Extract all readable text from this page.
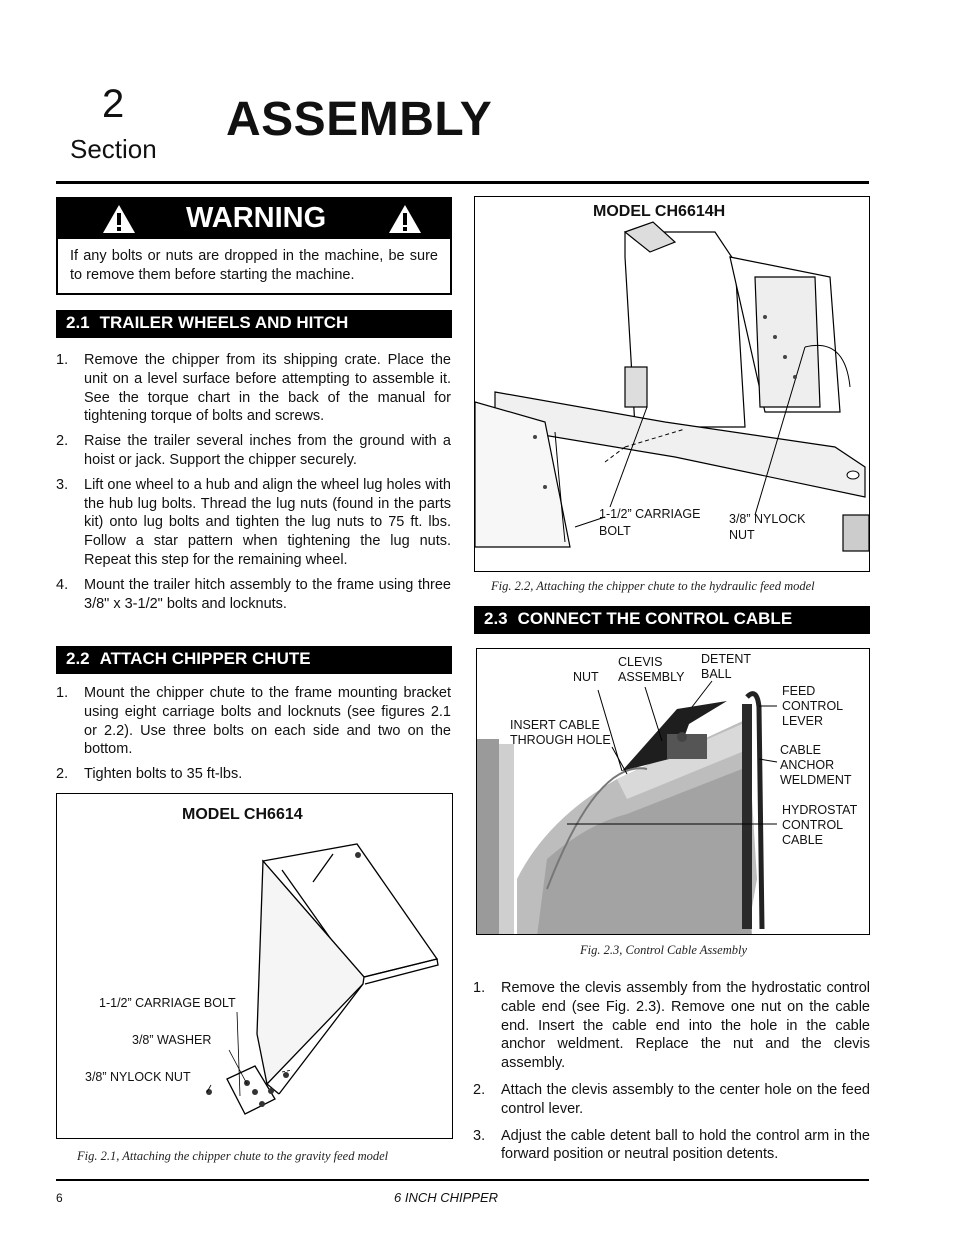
2
Section
ASSEMBLY
WARNING
If any bolts or nuts are dropped in the machine, be sure to remove them before starting the machine.
2.1 TRAILER WHEELS AND HITCH
1. Remove the chipper from its shipping crate. Place the unit on a level surface before attempting to assemble it. See the torque chart in the back of the manual for tightening torque of bolts and screws.
2. Raise the trailer several inches from the ground with a hoist or jack. Support the chipper securely.
3. Lift one wheel to a hub and align the wheel lug holes with the hub lug bolts. Thread the lug nuts (found in the parts kit) onto lug bolts and tighten the lug nuts to 75 ft. lbs. Follow a star pattern when tightening the lug nuts. Repeat this step for the remaining wheel.
4. Mount the trailer hitch assembly to the frame using three 3/8" x 3-1/2" bolts and locknuts.
2.2 ATTACH CHIPPER CHUTE
1. Mount the chipper chute to the frame mounting bracket using eight carriage bolts and locknuts (see figures 2.1 or 2.2). Use three bolts on each side and two on the bottom.
2. Tighten bolts to 35 ft-lbs.
MODEL CH6614
1-1/2” CARRIAGE BOLT
3/8” WASHER
3/8” NYLOCK NUT
Fig. 2.1, Attaching the chipper chute to the gravity feed model
MODEL CH6614H
1-1/2” CARRIAGE
BOLT
3/8” NYLOCK
NUT
Fig. 2.2, Attaching the chipper chute to the hydraulic feed model
2.3 CONNECT THE CONTROL CABLE
NUT
CLEVIS
ASSEMBLY
DETENT
BALL
FEED
CONTROL
LEVER
INSERT CABLE
THROUGH HOLE
CABLE
ANCHOR
WELDMENT
HYDROSTAT
CONTROL
CABLE
Fig. 2.3, Control Cable Assembly
1. Remove the clevis assembly from the hydrostatic control cable end (see Fig. 2.3). Remove one nut on the cable end. Insert the cable end into the hole in the cable anchor weldment. Replace the nut and the clevis assembly.
2. Attach the clevis assembly to the center hole on the feed control lever.
3. Adjust the cable detent ball to hold the control arm in the forward position or neutral position detents.
6	6 INCH CHIPPER
